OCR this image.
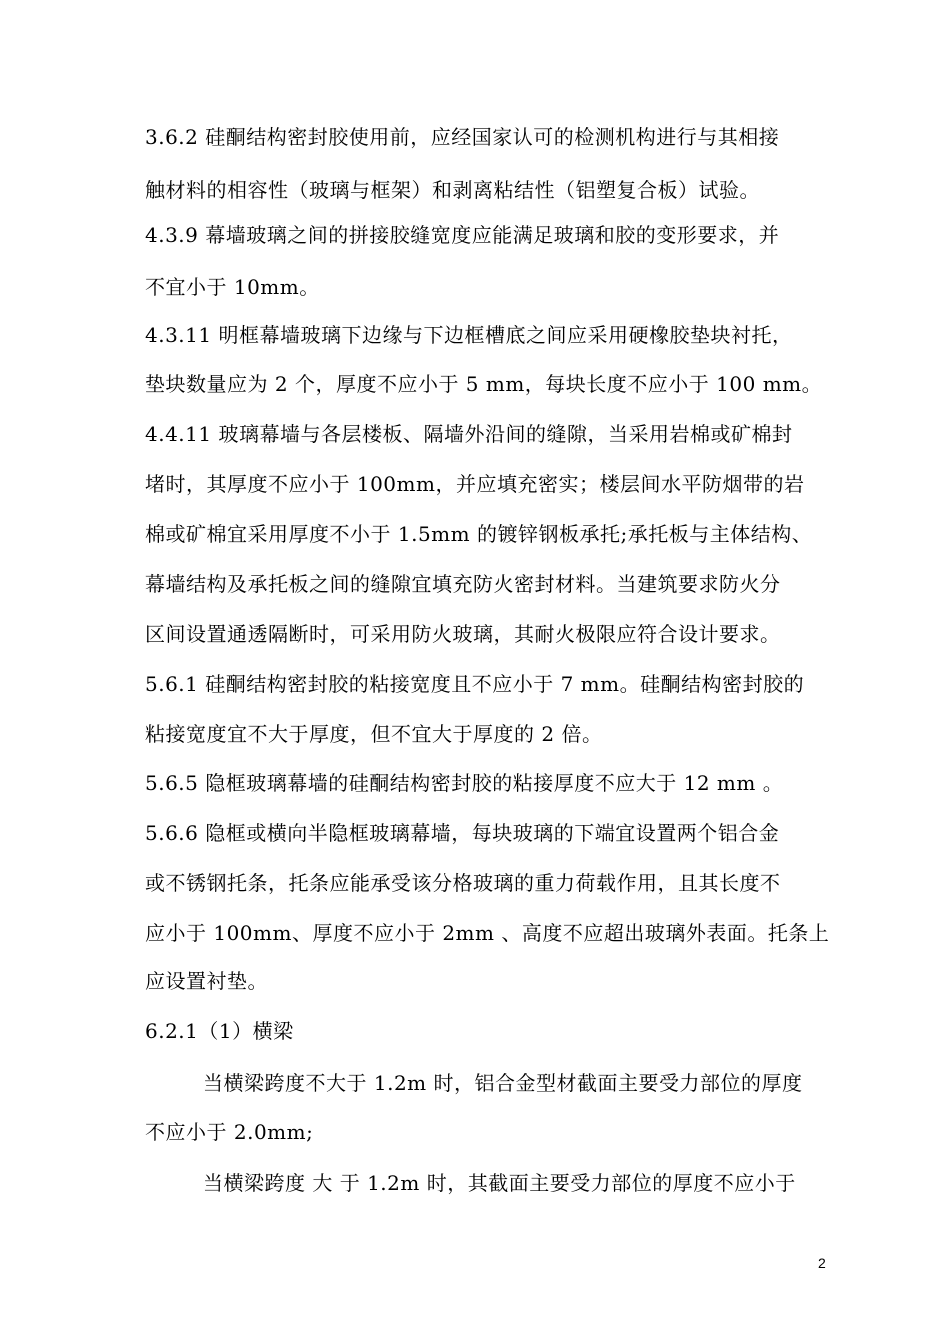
3.6.2 硅酮结构密封胶使用前，应经国家认可的检测机构进行与其相接
触材料的相容性（玻璃与框架）和剥离粘结性（铝塑复合板）试验。
4.3.9 幕墙玻璃之间的拼接胶缝宽度应能满足玻璃和胶的变形要求，并
不宜小于 10mm。
4.3.11 明框幕墙玻璃下边缘与下边框槽底之间应采用硬橡胶垫块衬托，
垫块数量应为 2 个，厚度不应小于 5 mm，每块长度不应小于 100 mm。
4.4.11 玻璃幕墙与各层楼板、隔墙外沿间的缝隙，当采用岩棉或矿棉封
堵时，其厚度不应小于 100mm，并应填充密实；楼层间水平防烟带的岩
棉或矿棉宜采用厚度不小于 1.5mm 的镀锌钢板承托;承托板与主体结构、
幕墙结构及承托板之间的缝隙宜填充防火密封材料。当建筑要求防火分
区间设置通透隔断时，可采用防火玻璃，其耐火极限应符合设计要求。
5.6.1 硅酮结构密封胶的粘接宽度且不应小于 7 mm。硅酮结构密封胶的
粘接宽度宜不大于厚度，但不宜大于厚度的 2 倍。
5.6.5 隐框玻璃幕墙的硅酮结构密封胶的粘接厚度不应大于 12 mm 。
5.6.6 隐框或横向半隐框玻璃幕墙，每块玻璃的下端宜设置两个铝合金
或不锈钢托条，托条应能承受该分格玻璃的重力荷载作用，且其长度不
应小于 100mm、厚度不应小于 2mm 、高度不应超出玻璃外表面。托条上
应设置衬垫。
6.2.1（1）横梁
当横梁跨度不大于 1.2m 时，铝合金型材截面主要受力部位的厚度
不应小于 2.0mm;
当横梁跨度 大 于 1.2m 时，其截面主要受力部位的厚度不应小于
2
